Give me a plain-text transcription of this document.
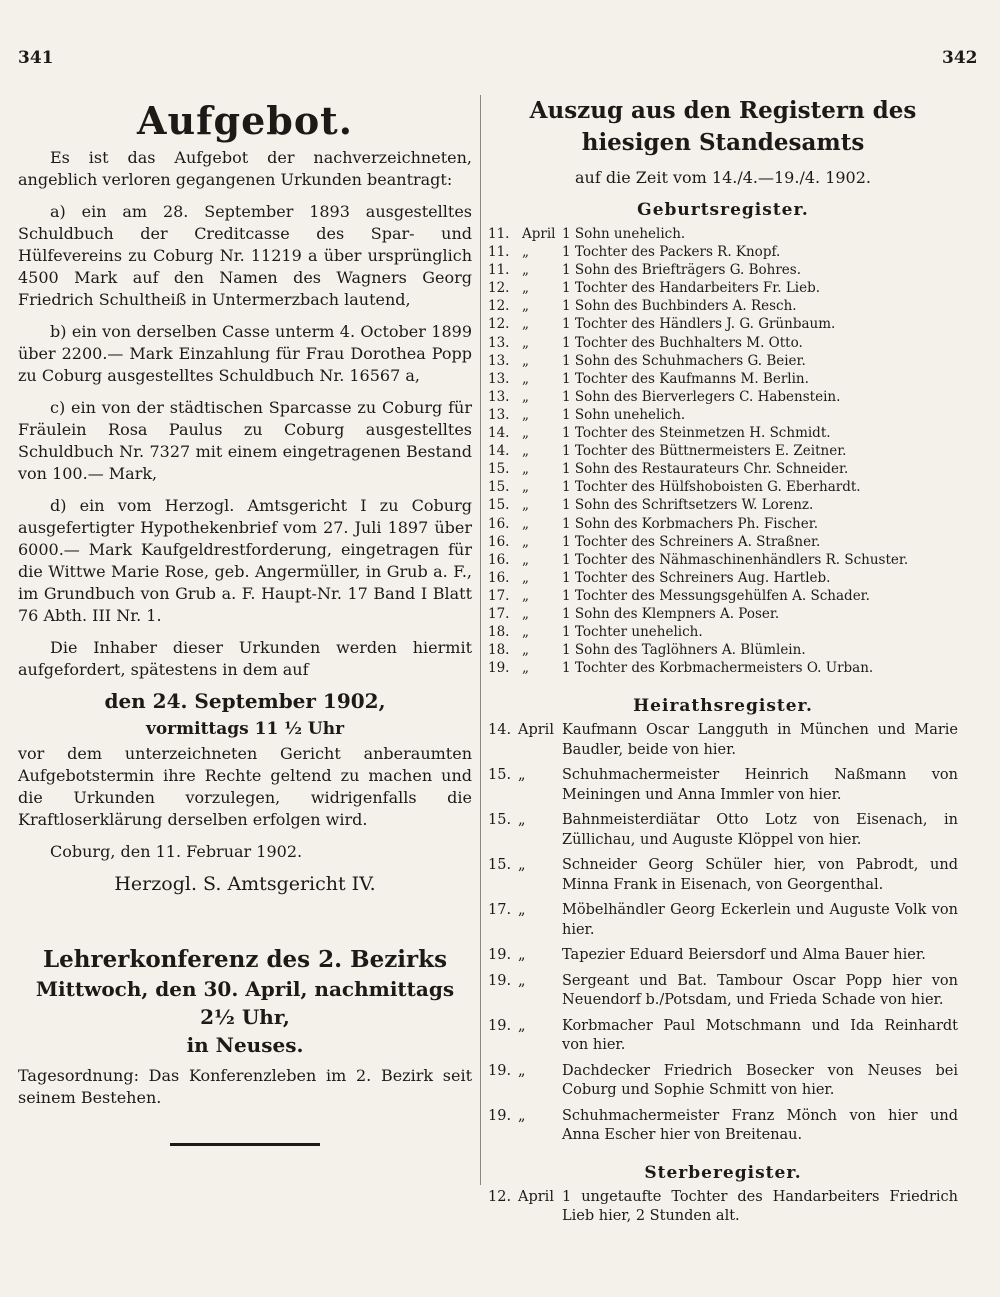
341	342
Aufgebot.

Es ist das Aufgebot der nachverzeichneten, angeblich verloren gegangenen Urkunden beantragt:

a) ein am 28. September 1893 ausgestelltes Schuldbuch der Creditcasse des Spar- und Hülfevereins zu Coburg Nr. 11219 a über ursprünglich 4500 Mark auf den Namen des Wagners Georg Friedrich Schultheiß in Untermerzbach lautend,

b) ein von derselben Casse unterm 4. October 1899 über 2200.— Mark Einzahlung für Frau Dorothea Popp zu Coburg ausgestelltes Schuldbuch Nr. 16567 a,

c) ein von der städtischen Sparcasse zu Coburg für Fräulein Rosa Paulus zu Coburg ausgestelltes Schuldbuch Nr. 7327 mit einem eingetragenen Bestand von 100.— Mark,

d) ein vom Herzogl. Amtsgericht I zu Coburg ausgefertigter Hypothekenbrief vom 27. Juli 1897 über 6000.— Mark Kaufgeldrestforderung, eingetragen für die Wittwe Marie Rose, geb. Angermüller, in Grub a. F., im Grundbuch von Grub a. F. Haupt-Nr. 17 Band I Blatt 76 Abth. III Nr. 1.

Die Inhaber dieser Urkunden werden hiermit aufgefordert, spätestens in dem auf

den 24. September 1902,
vormittags 11 ½ Uhr

vor dem unterzeichneten Gericht anberaumten Aufgebotstermin ihre Rechte geltend zu machen und die Urkunden vorzulegen, widrigenfalls die Kraftloserklärung derselben erfolgen wird.

Coburg, den 11. Februar 1902.

Herzogl. S. Amtsgericht IV.
Lehrerkonferenz des 2. Bezirks
Mittwoch, den 30. April, nachmittags 2½ Uhr,
in Neuses.

Tagesordnung: Das Konferenzleben im 2. Bezirk seit seinem Bestehen.

Auszug aus den Registern des hiesigen Standesamts
auf die Zeit vom 14./4.—19./4. 1902.
Geburtsregister.
11. April 1 Sohn unehelich.
11. „	1 Tochter des Packers R. Knopf.
11. „	1 Sohn des Briefträgers G. Bohres.
12. „	1 Tochter des Handarbeiters Fr. Lieb.
12. „	1 Sohn des Buchbinders A. Resch.
12. „	1 Tochter des Händlers J. G. Grünbaum.
13. „	1 Tochter des Buchhalters M. Otto.
13. „	1 Sohn des Schuhmachers G. Beier.
13. „	1 Tochter des Kaufmanns M. Berlin.
13. „	1 Sohn des Bierverlegers C. Habenstein.
13. „	1 Sohn unehelich.
14. „	1 Tochter des Steinmetzen H. Schmidt.
14. „	1 Tochter des Büttnermeisters E. Zeitner.
15. „	1 Sohn des Restaurateurs Chr. Schneider.
15. „	1 Tochter des Hülfshoboisten G. Eberhardt.
15. „	1 Sohn des Schriftsetzers W. Lorenz.
16. „	1 Sohn des Korbmachers Ph. Fischer.
16. „	1 Tochter des Schreiners A. Straßner.
16. „	1 Tochter des Nähmaschinenhändlers R. Schuster.
16. „	1 Tochter des Schreiners Aug. Hartleb.
17. „	1 Tochter des Messungsgehülfen A. Schader.
17. „	1 Sohn des Klempners A. Poser.
18. „	1 Tochter unehelich.
18. „	1 Sohn des Taglöhners A. Blümlein.
19. „	1 Tochter des Korbmachermeisters O. Urban.
Heirathsregister.
14. April Kaufmann Oscar Langguth in München und Marie Baudler, beide von hier.
15. „	Schuhmachermeister Heinrich Naßmann von Meiningen und Anna Immler von hier.
15. „	Bahnmeisterdiätar Otto Lotz von Eisenach, in Züllichau, und Auguste Klöppel von hier.
15. „	Schneider Georg Schüler hier, von Pabrodt, und Minna Frank in Eisenach, von Georgenthal.
17. „	Möbelhändler Georg Eckerlein und Auguste Volk von hier.
19. „	Tapezier Eduard Beiersdorf und Alma Bauer hier.
19. „	Sergeant und Bat. Tambour Oscar Popp hier von Neuendorf b./Potsdam, und Frieda Schade von hier.
19. „	Korbmacher Paul Motschmann und Ida Reinhardt von hier.
19. „	Dachdecker Friedrich Bosecker von Neuses bei Coburg und Sophie Schmitt von hier.
19. „	Schuhmachermeister Franz Mönch von hier und Anna Escher hier von Breitenau.
Sterberegister.
12. April 1 ungetaufte Tochter des Handarbeiters Friedrich Lieb hier, 2 Stunden alt.
